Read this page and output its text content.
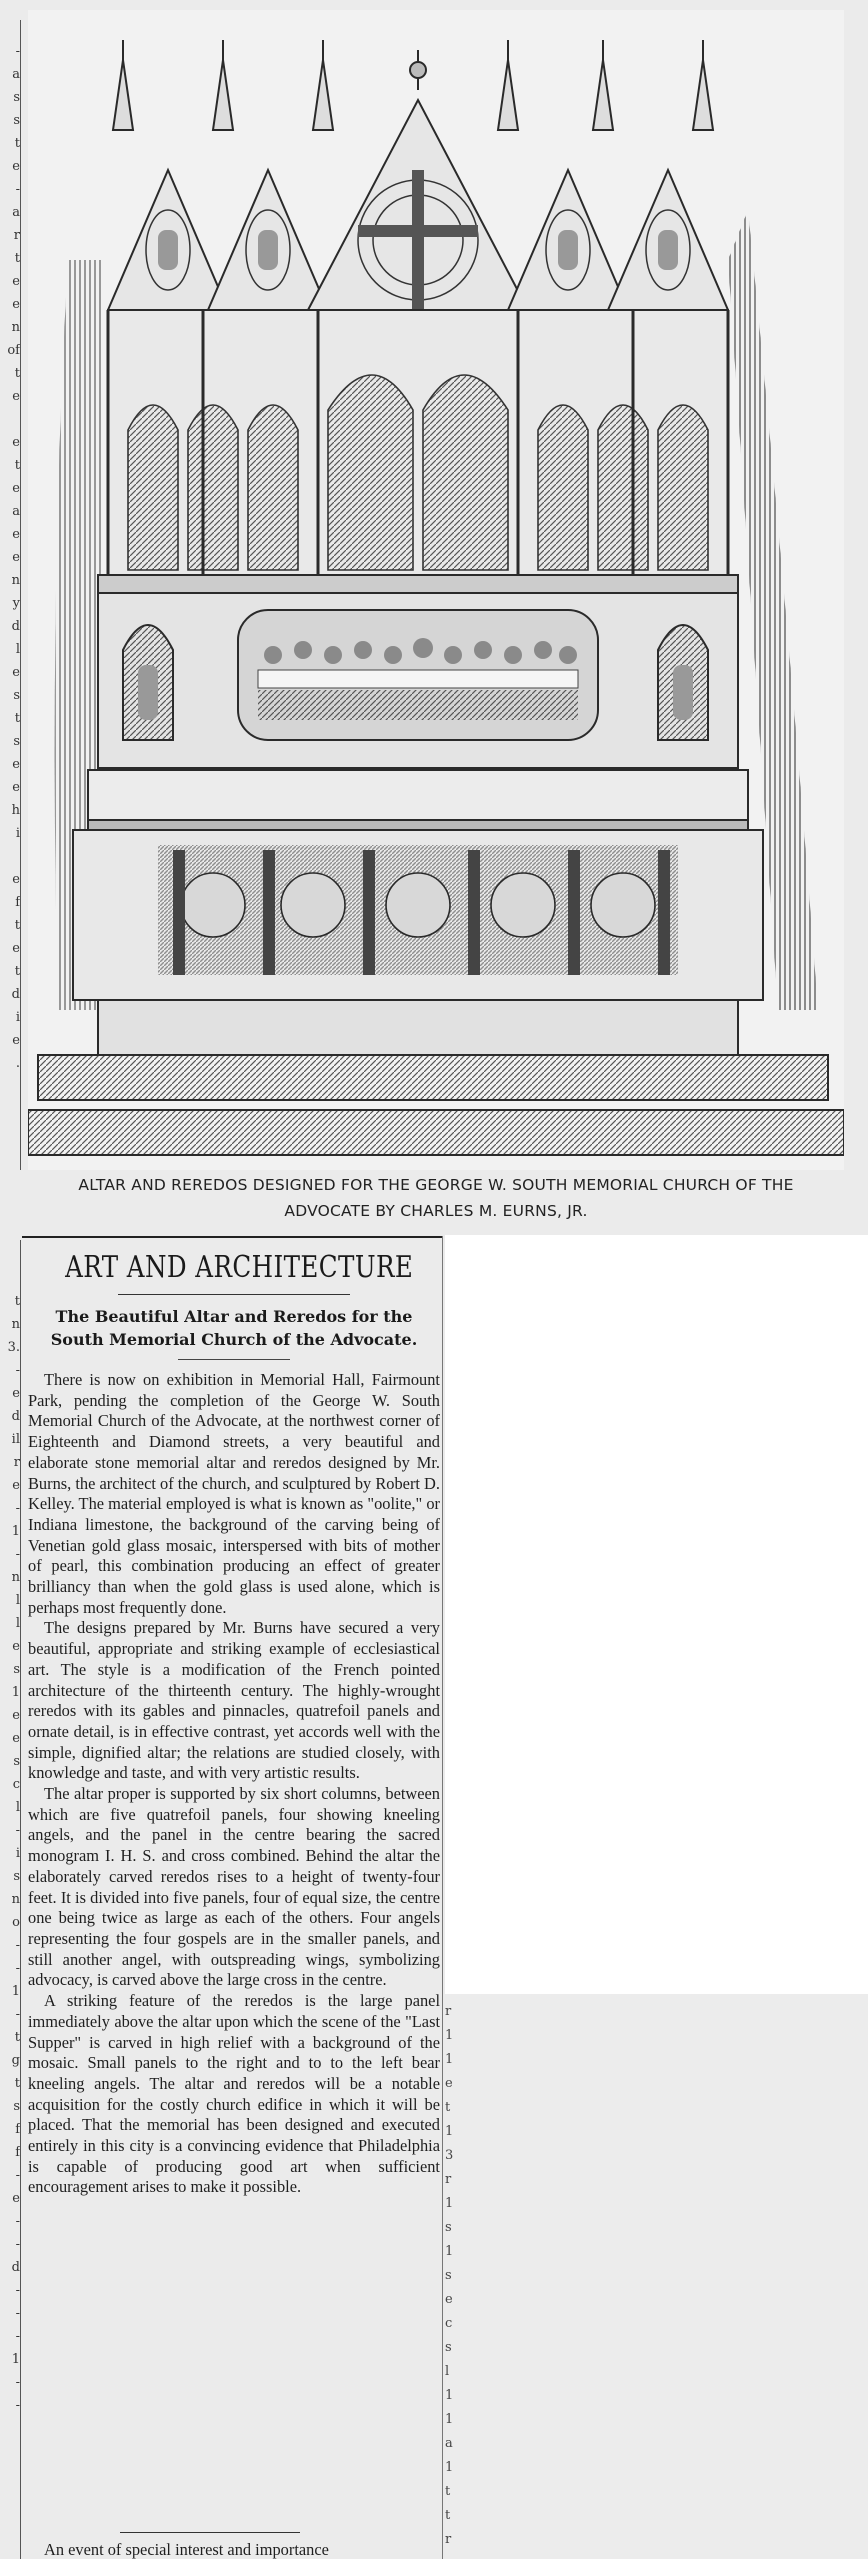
-
a
s
s
t
e
-
a
r
t
e
e
n
of
t
e

e
t
e
a
e
e
n
y
d
l
e
s
t
s
e
e
h
i

e
f
t
e
t
d
i
e
.
t
n
3.
-
e
d
il
r
e
-
1
-
n
l
l
e
s
1
e
e
s
c
l
-
i
s
n
o
-
-
1
-
t
g
t
s
f
f
-
e
-
-
d
-
-
-
1
-
-
ALTAR AND REREDOS DESIGNED FOR THE GEORGE W. SOUTH MEMORIAL CHURCH OF THE
ADVOCATE BY CHARLES M. EURNS, JR.
ART AND ARCHITECTURE
The Beautiful Altar and Reredos for the South Memorial Church of the Advocate.

There is now on exhibition in Memorial Hall, Fairmount Park, pending the completion of the George W. South Memorial Church of the Advocate, at the northwest corner of Eighteenth and Diamond streets, a very beautiful and elaborate stone memorial altar and reredos designed by Mr. Burns, the architect of the church, and sculptured by Robert D. Kelley. The material employed is what is known as "oolite," or Indiana limestone, the background of the carving being of Venetian gold glass mosaic, interspersed with bits of mother of pearl, this combination producing an effect of greater brilliancy than when the gold glass is used alone, which is perhaps most frequently done.

The designs prepared by Mr. Burns have secured a very beautiful, appropriate and striking example of ecclesiastical art. The style is a modification of the French pointed architecture of the thirteenth century. The highly-wrought reredos with its gables and pinnacles, quatrefoil panels and ornate detail, is in effective contrast, yet accords well with the simple, dignified altar; the relations are studied closely, with knowledge and taste, and with very artistic results.

The altar proper is supported by six short columns, between which are five quatrefoil panels, four showing kneeling angels, and the panel in the centre bearing the sacred monogram I. H. S. and cross combined. Behind the altar the elaborately carved reredos rises to a height of twenty-four feet. It is divided into five panels, four of equal size, the centre one being twice as large as each of the others. Four angels representing the four gospels are in the smaller panels, and still another angel, with outspreading wings, symbolizing advocacy, is carved above the large cross in the centre.

A striking feature of the reredos is the large panel immediately above the altar upon which the scene of the "Last Supper" is carved in high relief with a background of the mosaic. Small panels to the right and to to the left bear kneeling angels. The altar and reredos will be a notable acquisition for the costly church edifice in which it will be placed. That the memorial has been designed and executed entirely in this city is a convincing evidence that Philadelphia is capable of producing good art when sufficient encouragement arises to make it possible.

An event of special interest and importance
r
1
1
e
t
1
3
r
1
s
1
s
e
c
s
l
1
1
a
1
t
t
r
